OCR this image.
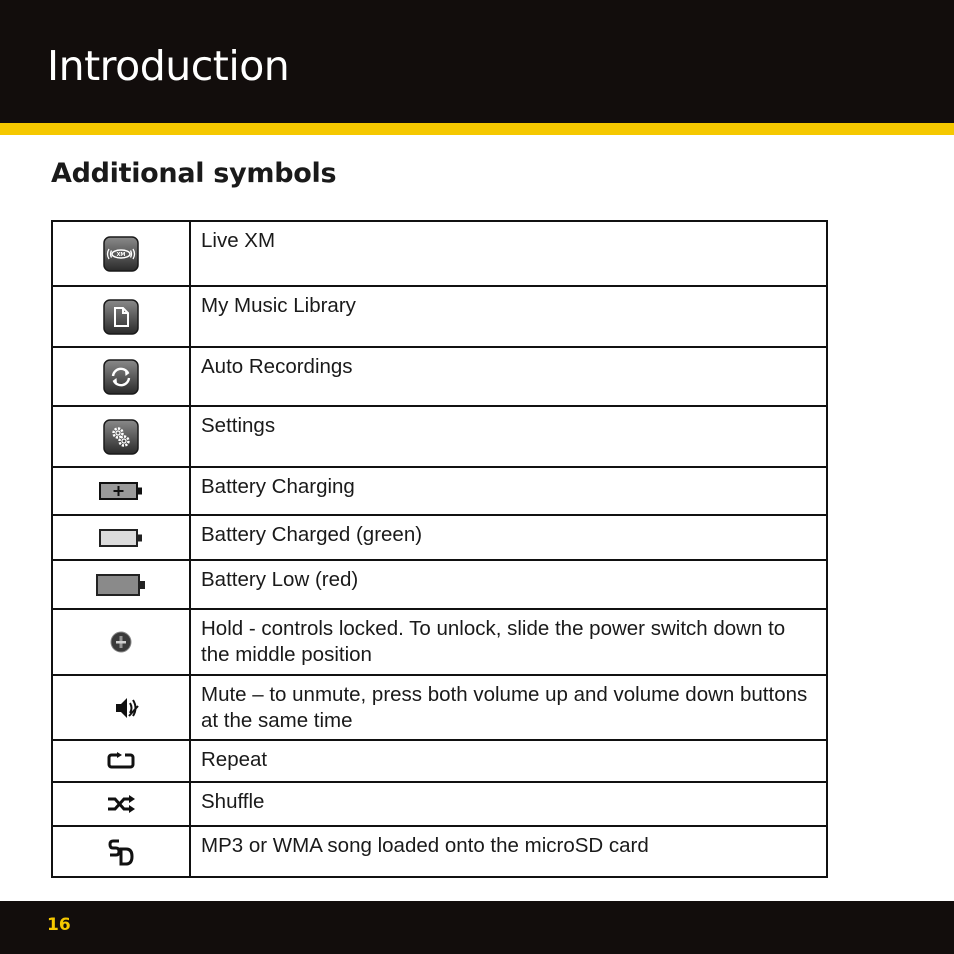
Introduction
Additional symbols
XM	Live XM

	My Music Library

	Auto Recordings

	Settings

	Battery Charging

	Battery Charged (green)

	Battery Low (red)

	Hold - controls locked. To unlock, slide the power switch down to the middle position

	Mute – to unmute, press both volume up and volume down buttons at the same time

	Repeat

	Shuffle

	MP3 or WMA song loaded onto the microSD card

16
